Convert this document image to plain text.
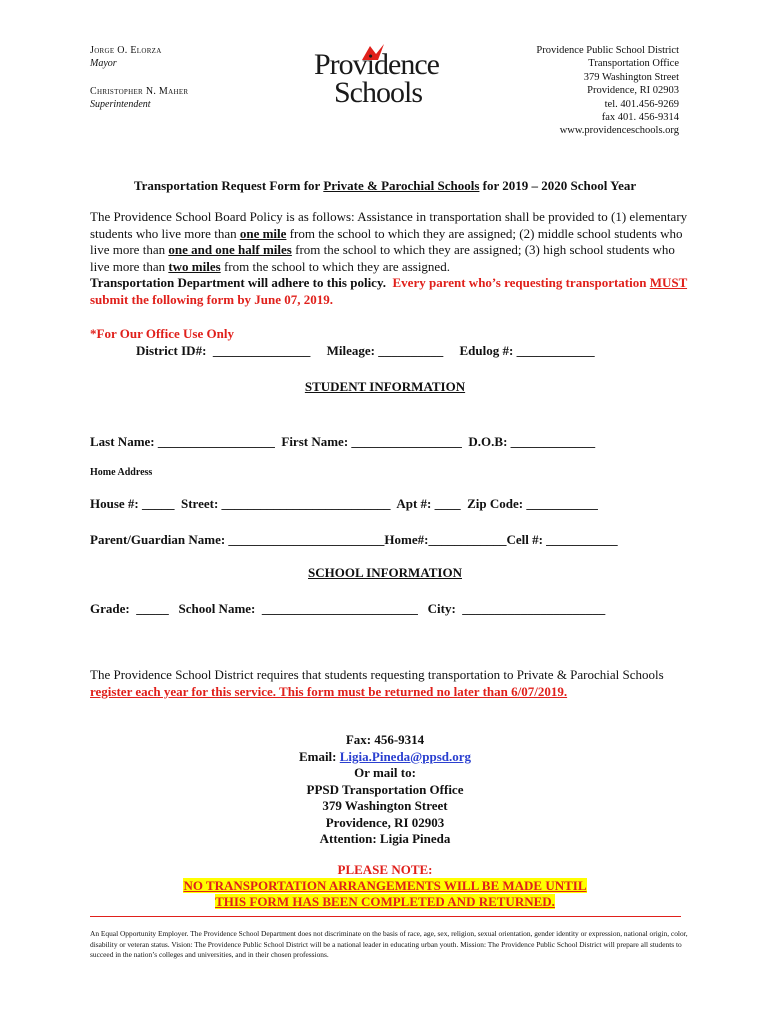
Jorge O. Elorza
Mayor
Christopher N. Maher
Superintendent
Providence
Schools
Providence Public School District
Transportation Office
379 Washington Street
Providence, RI 02903
tel. 401.456-9269
fax 401. 456-9314
www.providenceschools.org
Transportation Request Form for Private & Parochial Schools for 2019 – 2020 School Year
The Providence School Board Policy is as follows: Assistance in transportation shall be provided to (1) elementary students who live more than one mile from the school to which they are assigned; (2) middle school students who live more than one and one half miles from the school to which they are assigned; (3) high school students who live more than two miles from the school to which they are assigned.
Transportation Department will adhere to this policy. Every parent who’s requesting transportation MUST submit the following form by June 07, 2019.
*For Our Office Use Only
District ID#:  _______________     Mileage: __________     Edulog #: ____________
STUDENT INFORMATION
Last Name: __________________  First Name: _________________  D.O.B: _____________
Home Address
House #: _____  Street: __________________________  Apt #: ____  Zip Code: ___________
Parent/Guardian Name: ________________________Home#:____________Cell #: ___________
SCHOOL INFORMATION
Grade:  _____   School Name:  ________________________   City:  ______________________
The Providence School District requires that students requesting transportation to Private & Parochial Schools register each year for this service. This form must be returned no later than 6/07/2019.
Fax: 456-9314
Email: Ligia.Pineda@ppsd.org
Or mail to:
PPSD Transportation Office
379 Washington Street
Providence, RI 02903
Attention: Ligia Pineda
PLEASE NOTE:
NO TRANSPORTATION ARRANGEMENTS WILL BE MADE UNTIL
THIS FORM HAS BEEN COMPLETED AND RETURNED.
An Equal Opportunity Employer. The Providence School Department does not discriminate on the basis of race, age, sex, religion, sexual orientation, gender identity or expression, national origin, color, disability or veteran status. Vision: The Providence Public School District will be a national leader in educating urban youth. Mission: The Providence Public School District will prepare all students to succeed in the nation’s colleges and universities, and in their chosen professions.
